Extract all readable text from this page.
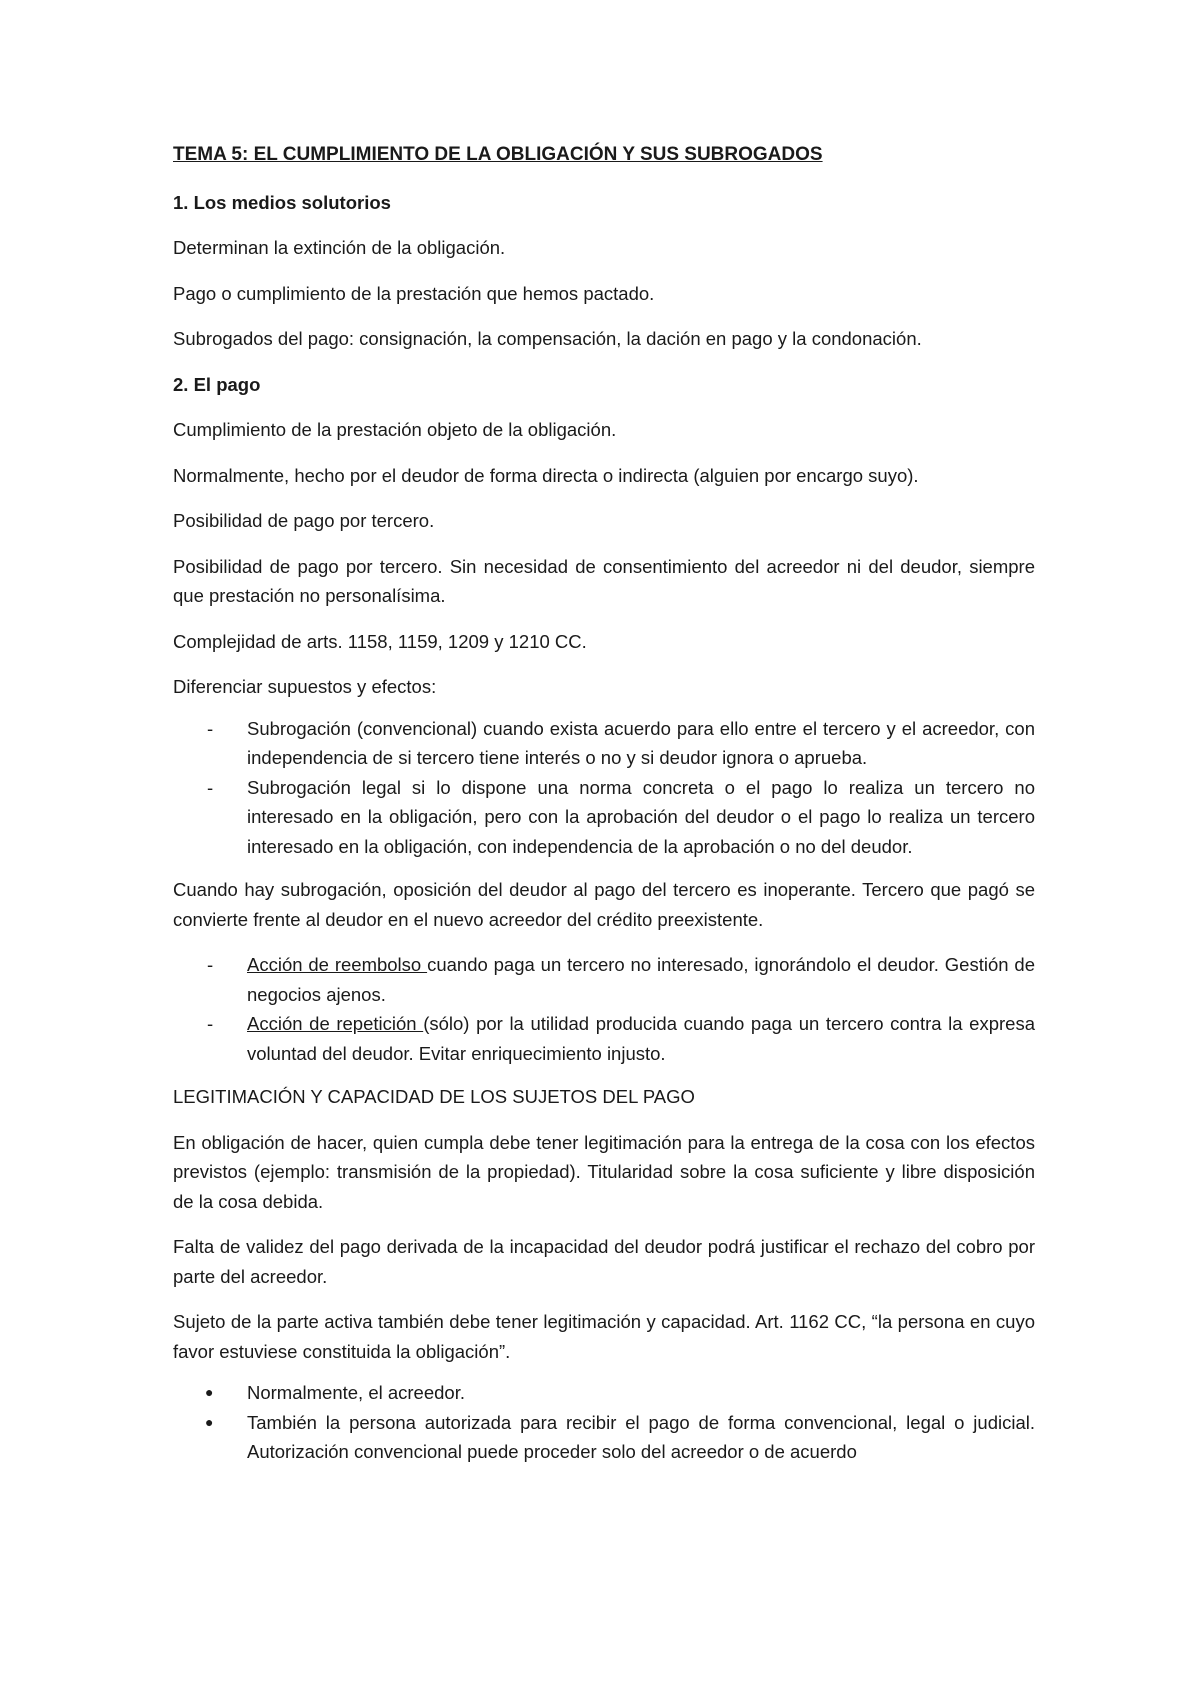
TEMA 5: EL CUMPLIMIENTO DE LA OBLIGACIÓN Y SUS SUBROGADOS
1. Los medios solutorios

Determinan la extinción de la obligación.

Pago o cumplimiento de la prestación que hemos pactado.

Subrogados del pago: consignación, la compensación, la dación en pago y la condonación.

2. El pago

Cumplimiento de la prestación objeto de la obligación.

Normalmente, hecho por el deudor de forma directa o indirecta (alguien por encargo suyo).

Posibilidad de pago por tercero.

Posibilidad de pago por tercero. Sin necesidad de consentimiento del acreedor ni del deudor, siempre que prestación no personalísima.

Complejidad de arts. 1158, 1159, 1209 y 1210 CC.

Diferenciar supuestos y efectos:

- Subrogación (convencional) cuando exista acuerdo para ello entre el tercero y el acreedor, con independencia de si tercero tiene interés o no y si deudor ignora o aprueba.
- Subrogación legal si lo dispone una norma concreta o el pago lo realiza un tercero no interesado en la obligación, pero con la aprobación del deudor o el pago lo realiza un tercero interesado en la obligación, con independencia de la aprobación o no del deudor.

Cuando hay subrogación, oposición del deudor al pago del tercero es inoperante. Tercero que pagó se convierte frente al deudor en el nuevo acreedor del crédito preexistente.

- Acción de reembolso cuando paga un tercero no interesado, ignorándolo el deudor. Gestión de negocios ajenos.
- Acción de repetición (sólo) por la utilidad producida cuando paga un tercero contra la expresa voluntad del deudor. Evitar enriquecimiento injusto.
LEGITIMACIÓN Y CAPACIDAD DE LOS SUJETOS DEL PAGO

En obligación de hacer, quien cumpla debe tener legitimación para la entrega de la cosa con los efectos previstos (ejemplo: transmisión de la propiedad). Titularidad sobre la cosa suficiente y libre disposición de la cosa debida.

Falta de validez del pago derivada de la incapacidad del deudor podrá justificar el rechazo del cobro por parte del acreedor.

Sujeto de la parte activa también debe tener legitimación y capacidad. Art. 1162 CC, “la persona en cuyo favor estuviese constituida la obligación”.

● Normalmente, el acreedor.
● También la persona autorizada para recibir el pago de forma convencional, legal o judicial. Autorización convencional puede proceder solo del acreedor o de acuerdo
